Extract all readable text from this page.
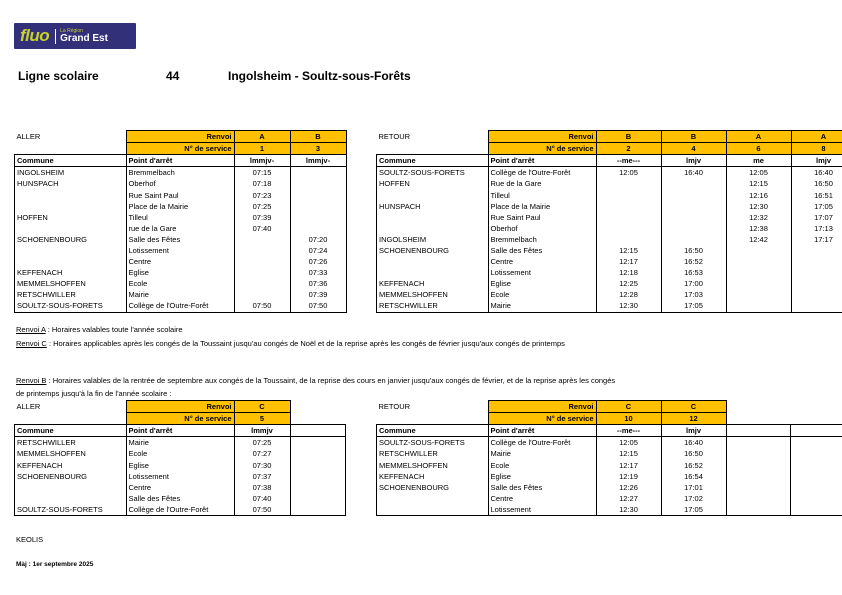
fluo La Région
Grand Est
Ligne scolaire	44	Ingolsheim - Soultz-sous-Forêts
ALLER	Renvoi	A	B
	N° de service	1	3
Commune	Point d'arrêt	lmmjv-	lmmjv-
INGOLSHEIM	Bremmelbach	07:15	
HUNSPACH	Oberhof	07:18	
	Rue Saint Paul	07:23	
	Place de la Mairie	07:25	
HOFFEN	Tilleul	07:39	
	rue de la Gare	07:40	
SCHOENENBOURG	Salle des Fêtes		07:20
	Lotissement		07:24
	Centre		07:26
KEFFENACH	Eglise		07:33
MEMMELSHOFFEN	Ecole		07:36
RETSCHWILLER	Mairie		07:39
SOULTZ-SOUS-FORETS	Collège de l'Outre-Forêt	07:50	07:50
RETOUR	Renvoi	B	B	A	A
	N° de service	2	4	6	8
Commune	Point d'arrêt	--me---	lmjv	me	lmjv
SOULTZ-SOUS-FORETS	Collège de l'Outre-Forêt	12:05	16:40	12:05	16:40
HOFFEN	Rue de la Gare			12:15	16:50
	Tilleul			12:16	16:51
HUNSPACH	Place de la Mairie			12:30	17:05
	Rue Saint Paul			12:32	17:07
	Oberhof			12:38	17:13
INGOLSHEIM	Bremmelbach			12:42	17:17
SCHOENENBOURG	Salle des Fêtes	12:15	16:50		
	Centre	12:17	16:52		
	Lotissement	12:18	16:53		
KEFFENACH	Eglise	12:25	17:00		
MEMMELSHOFFEN	Ecole	12:28	17:03		
RETSCHWILLER	Mairie	12:30	17:05		
Renvoi A : Horaires valables toute l'année scolaire
Renvoi C : Horaires applicables après les congés de la Toussaint jusqu'au congés de Noël et de la reprise après les congés de février jusqu'aux congés de printemps
Renvoi B : Horaires valables de la rentrée de septembre aux congés de la Toussaint, de la reprise des cours en janvier jusqu'aux congés de février, et de la reprise après les congés
de printemps jusqu'à la fin de l'année scolaire :
ALLER	Renvoi	C	
	N° de service	5	
Commune	Point d'arrêt	lmmjv	
RETSCHWILLER	Mairie	07:25	
MEMMELSHOFFEN	Ecole	07:27	
KEFFENACH	Eglise	07:30	
SCHOENENBOURG	Lotissement	07:37	
	Centre	07:38	
	Salle des Fêtes	07:40	
SOULTZ-SOUS-FORETS	Collège de l'Outre-Forêt	07:50	
RETOUR	Renvoi	C	C		
	N° de service	10	12		
Commune	Point d'arrêt	--me---	lmjv		
SOULTZ-SOUS-FORETS	Collège de l'Outre-Forêt	12:05	16:40		
RETSCHWILLER	Mairie	12:15	16:50		
MEMMELSHOFFEN	Ecole	12:17	16:52		
KEFFENACH	Eglise	12:19	16:54		
SCHOENENBOURG	Salle des Fêtes	12:26	17:01		
	Centre	12:27	17:02		
	Lotissement	12:30	17:05		
KEOLIS
Màj : 1er septembre 2025
